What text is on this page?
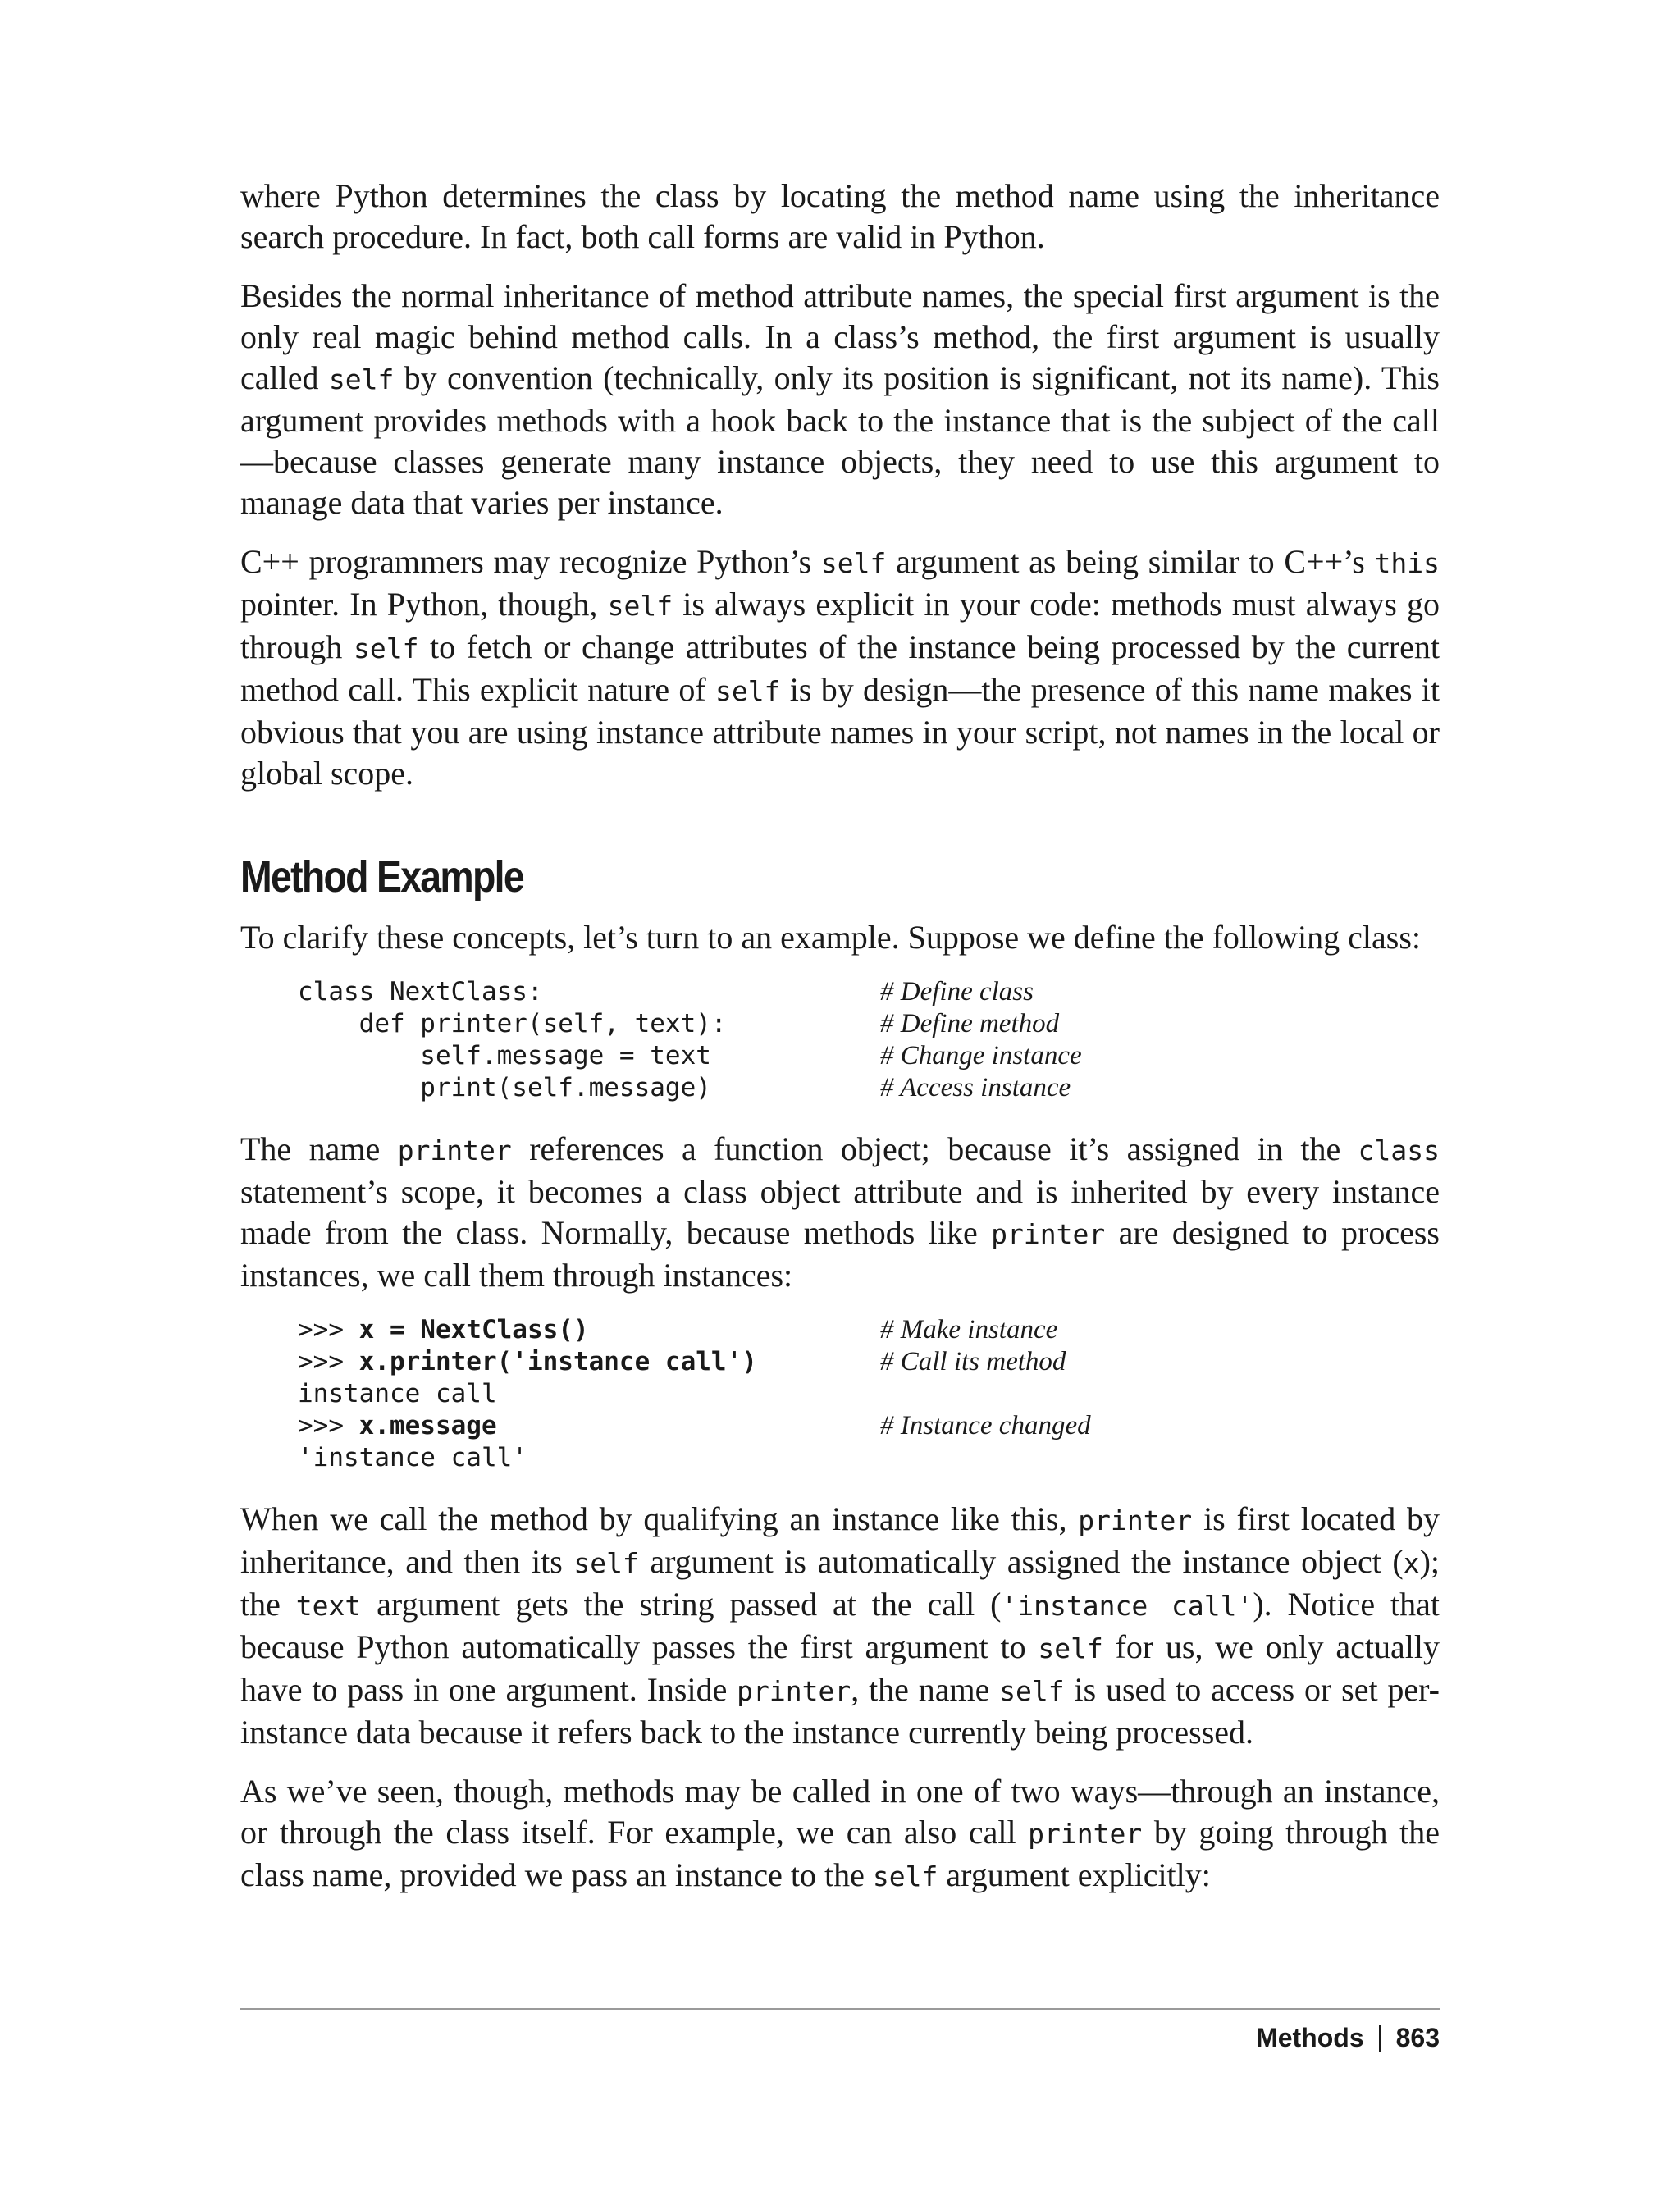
where Python determines the class by locating the method name using the inheritance search procedure. In fact, both call forms are valid in Python.

Besides the normal inheritance of method attribute names, the special first argument is the only real magic behind method calls. In a class’s method, the first argument is usually called self by convention (technically, only its position is significant, not its name). This argument provides methods with a hook back to the instance that is the subject of the call—because classes generate many instance objects, they need to use this argument to manage data that varies per instance.

C++ programmers may recognize Python’s self argument as being similar to C++’s this pointer. In Python, though, self is always explicit in your code: methods must always go through self to fetch or change attributes of the instance being processed by the current method call. This explicit nature of self is by design—the presence of this name makes it obvious that you are using instance attribute names in your script, not names in the local or global scope.

Method Example

To clarify these concepts, let’s turn to an example. Suppose we define the following class:

class NextClass:	# Define class
def printer(self, text):	# Define method
self.message = text	# Change instance
print(self.message)	# Access instance

The name printer references a function object; because it’s assigned in the class statement’s scope, it becomes a class object attribute and is inherited by every instance made from the class. Normally, because methods like printer are designed to process instances, we call them through instances:

>>> x = NextClass()	# Make instance
>>> x.printer('instance call')	# Call its method
instance call
>>> x.message	# Instance changed
'instance call'

When we call the method by qualifying an instance like this, printer is first located by inheritance, and then its self argument is automatically assigned the instance object (x); the text argument gets the string passed at the call ('instance call'). Notice that because Python automatically passes the first argument to self for us, we only actually have to pass in one argument. Inside printer, the name self is used to access or set per-instance data because it refers back to the instance currently being processed.

As we’ve seen, though, methods may be called in one of two ways—through an instance, or through the class itself. For example, we can also call printer by going through the class name, provided we pass an instance to the self argument explicitly:

Methods 863
